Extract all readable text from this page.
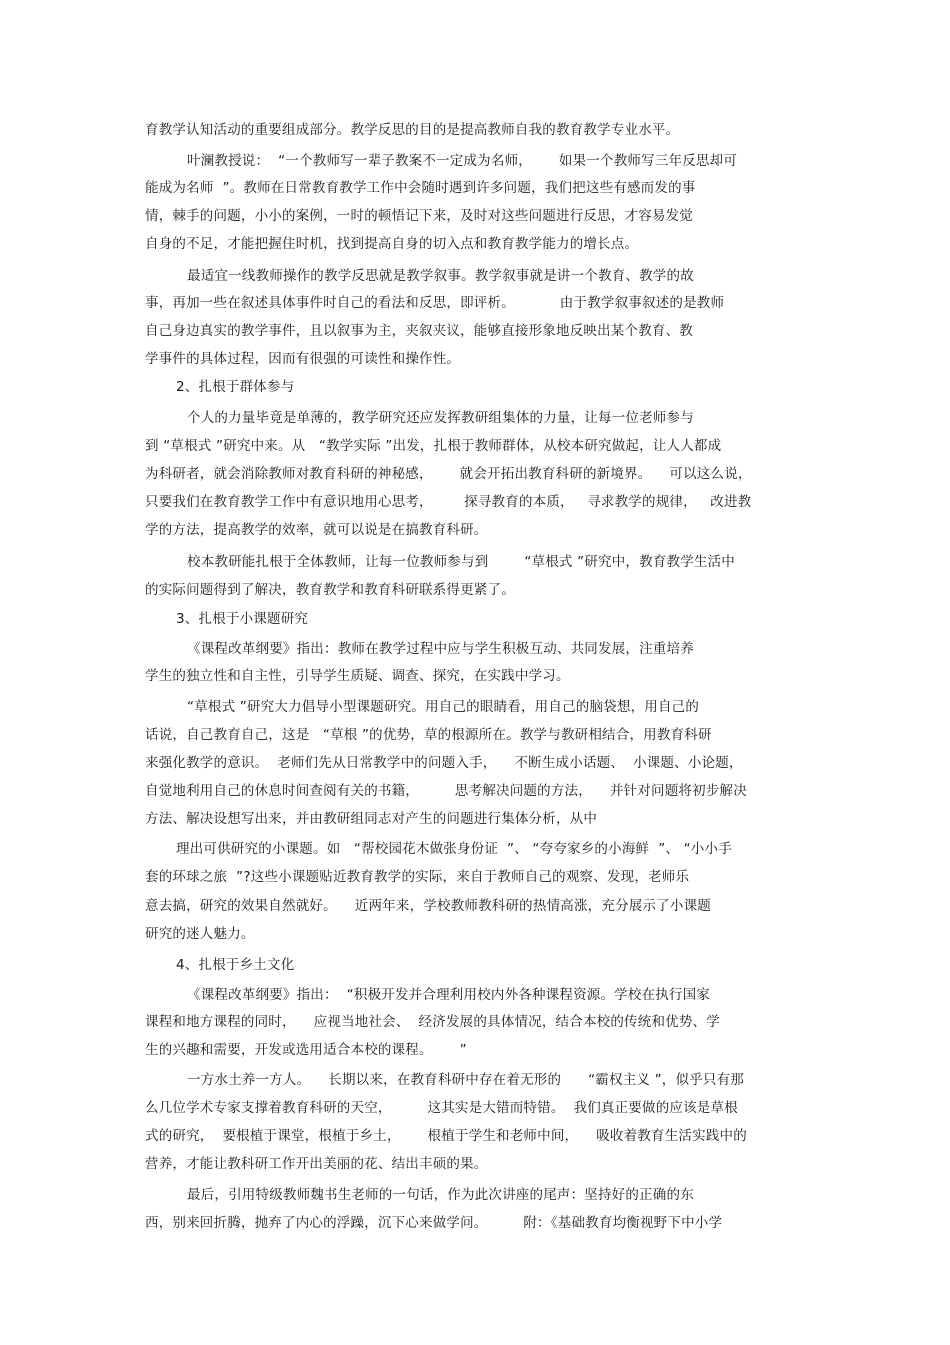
育教学认知活动的重要组成部分。教学反思的目的是提高教师自我的教育教学专业水平。
叶澜教授说：  “一个教师写一辈子教案不一定成为名师，      如果一个教师写三年反思却可
能成为名师  ”。教师在日常教育教学工作中会随时遇到许多问题，我们把这些有感而发的事
情，棘手的问题，小小的案例，一时的顿悟记下来，及时对这些问题进行反思，才容易发觉
自身的不足，才能把握住时机，找到提高自身的切入点和教育教学能力的增长点。
最适宜一线教师操作的教学反思就是教学叙事。教学叙事就是讲一个教育、教学的故
事，再加一些在叙述具体事件时自己的看法和反思，即评析。          由于教学叙事叙述的是教师
自己身边真实的教学事件，且以叙事为主，夹叙夹议，能够直接形象地反映出某个教育、教
学事件的具体过程，因而有很强的可读性和操作性。
2、扎根于群体参与
个人的力量毕竟是单薄的，教学研究还应发挥教研组集体的力量，让每一位老师参与
到 “草根式 ”研究中来。从   “教学实际 ”出发，扎根于教师群体，从校本研究做起，让人人都成
为科研者，就会消除教师对教育科研的神秘感，      就会开拓出教育科研的新境界。    可以这么说，
只要我们在教育教学工作中有意识地用心思考，       探寻教育的本质，   寻求教学的规律，   改进教
学的方法，提高教学的效率，就可以说是在搞教育科研。
校本教研能扎根于全体教师，让每一位教师参与到        “草根式 ”研究中，教育教学生活中
的实际问题得到了解决，教育教学和教育科研联系得更紧了。
3、扎根于小课题研究
《课程改革纲要》指出：教师在教学过程中应与学生积极互动、共同发展，注重培养
学生的独立性和自主性，引导学生质疑、调查、探究，在实践中学习。
“草根式 ”研究大力倡导小型课题研究。用自己的眼睛看，用自己的脑袋想，用自己的
话说，自己教育自己，这是   “草根 ”的优势，草的根源所在。教学与教研相结合，用教育科研
来强化教学的意识。  老师们先从日常教学中的问题入手，    不断生成小话题、  小课题、小论题，
自觉地利用自己的休息时间查阅有关的书籍，        思考解决问题的方法，    并针对问题将初步解决
方法、解决设想写出来，并由教研组同志对产生的问题进行集体分析，从中
理出可供研究的小课题。如   “帮校园花木做张身份证  ”、 “夸夸家乡的小海鲜  ”、 “小小手
套的环球之旅  ”?这些小课题贴近教育教学的实际，来自于教师自己的观察、发现，老师乐
意去搞，研究的效果自然就好。    近两年来，学校教师教科研的热情高涨，充分展示了小课题
研究的迷人魅力。
4、扎根于乡土文化
《课程改革纲要》指出：  “积极开发并合理利用校内外各种课程资源。学校在执行国家
课程和地方课程的同时，    应视当地社会、  经济发展的具体情况，结合本校的传统和优势、学
生的兴趣和需要，开发或选用适合本校的课程。      ”
一方水土养一方人。    长期以来，在教育科研中存在着无形的      “霸权主义 ”，似乎只有那
么几位学术专家支撑着教育科研的天空，        这其实是大错而特错。  我们真正要做的应该是草根
式的研究，  要根植于课堂，根植于乡土，      根植于学生和老师中间，    吸收着教育生活实践中的
营养，才能让教科研工作开出美丽的花、结出丰硕的果。
最后，引用特级教师魏书生老师的一句话，作为此次讲座的尾声：坚持好的正确的东
西，别来回折腾，抛弃了内心的浮躁，沉下心来做学问。        附：《基础教育均衡视野下中小学
